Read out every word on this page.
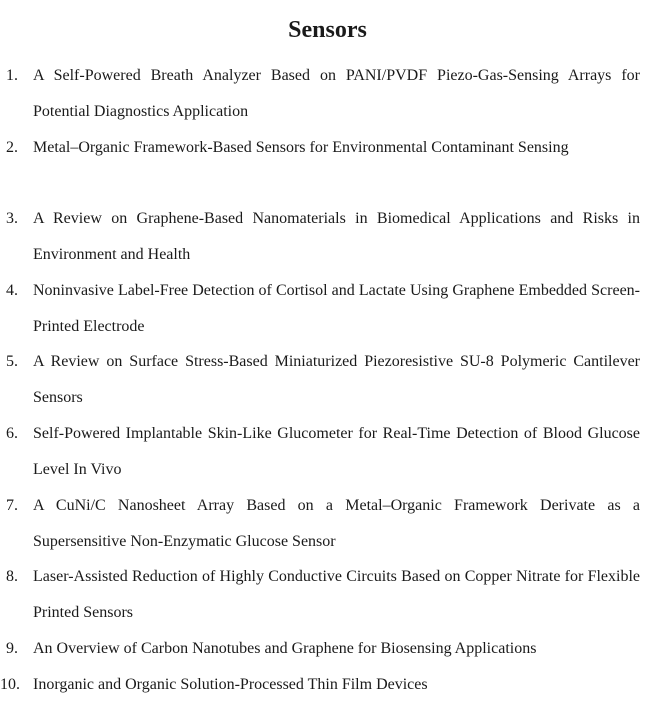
Sensors
1. A Self-Powered Breath Analyzer Based on PANI/PVDF Piezo-Gas-Sensing Arrays for Potential Diagnostics Application

2. Metal–Organic Framework-Based Sensors for Environmental Contaminant Sensing

3. A Review on Graphene-Based Nanomaterials in Biomedical Applications and Risks in Environment and Health

4. Noninvasive Label-Free Detection of Cortisol and Lactate Using Graphene Embedded Screen-Printed Electrode

5. A Review on Surface Stress-Based Miniaturized Piezoresistive SU-8 Polymeric Cantilever Sensors

6. Self-Powered Implantable Skin-Like Glucometer for Real-Time Detection of Blood Glucose Level In Vivo

7. A CuNi/C Nanosheet Array Based on a Metal–Organic Framework Derivate as a Supersensitive Non-Enzymatic Glucose Sensor

8. Laser-Assisted Reduction of Highly Conductive Circuits Based on Copper Nitrate for Flexible Printed Sensors

9. An Overview of Carbon Nanotubes and Graphene for Biosensing Applications

10. Inorganic and Organic Solution-Processed Thin Film Devices
